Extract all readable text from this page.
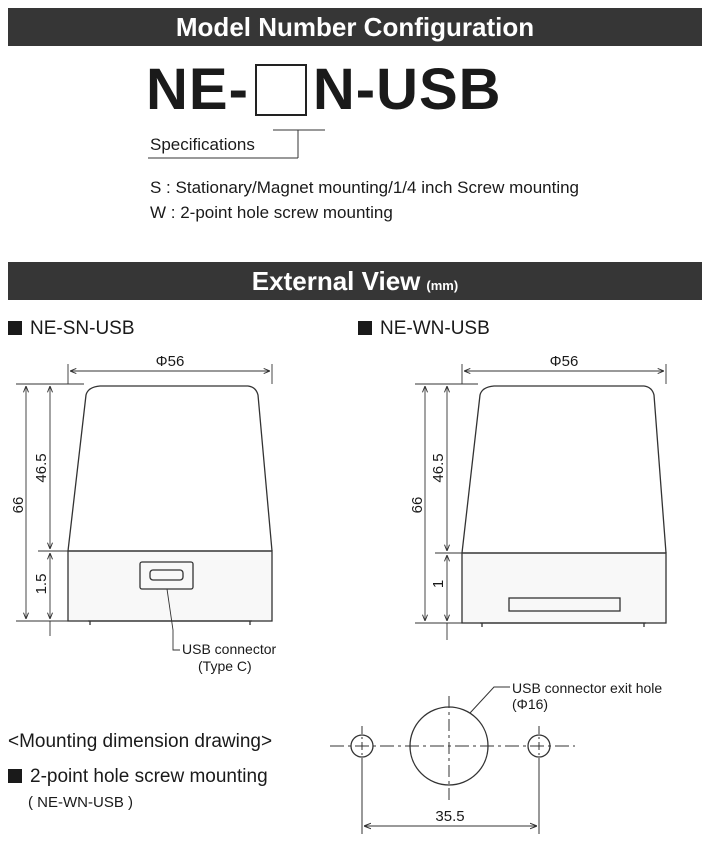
Model Number Configuration
NE- N-USB
Specifications
S : Stationary/Magnet mounting/1/4 inch Screw mounting
W : 2-point hole screw mounting
External View (mm)
NE-SN-USB	NE-WN-USB
<Mounting dimension drawing>
2-point hole screw mounting
( NE-WN-USB )
Φ56
66
46.5
1.5
USB connector
(Type C)
Φ56
66
46.5
1
USB connector exit hole
(Φ16)
35.5
